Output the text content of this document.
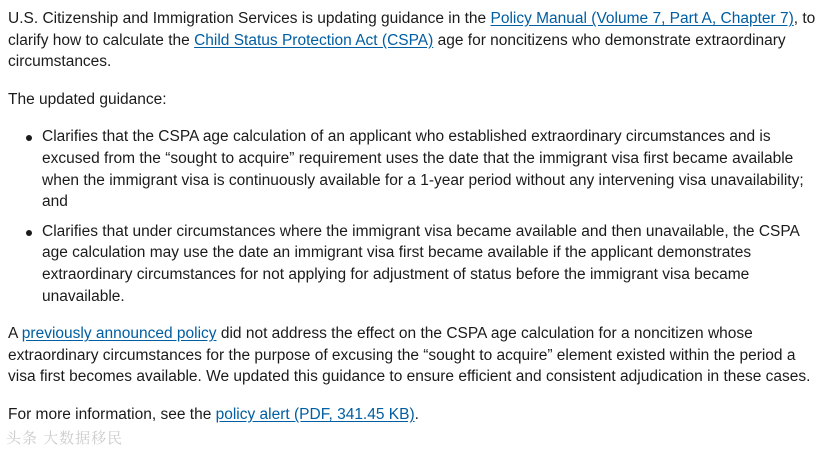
U.S. Citizenship and Immigration Services is updating guidance in the Policy Manual (Volume 7, Part A, Chapter 7), to clarify how to calculate the Child Status Protection Act (CSPA) age for noncitizens who demonstrate extraordinary circumstances.

The updated guidance:

Clarifies that the CSPA age calculation of an applicant who established extraordinary circumstances and is excused from the “sought to acquire” requirement uses the date that the immigrant visa first became available when the immigrant visa is continuously available for a 1-year period without any intervening visa unavailability; and
Clarifies that under circumstances where the immigrant visa became available and then unavailable, the CSPA age calculation may use the date an immigrant visa first became available if the applicant demonstrates extraordinary circumstances for not applying for adjustment of status before the immigrant visa became unavailable.

A previously announced policy did not address the effect on the CSPA age calculation for a noncitizen whose extraordinary circumstances for the purpose of excusing the “sought to acquire” element existed within the period a visa first becomes available. We updated this guidance to ensure efficient and consistent adjudication in these cases.

For more information, see the policy alert (PDF, 341.45 KB).

头条 大数据移民
